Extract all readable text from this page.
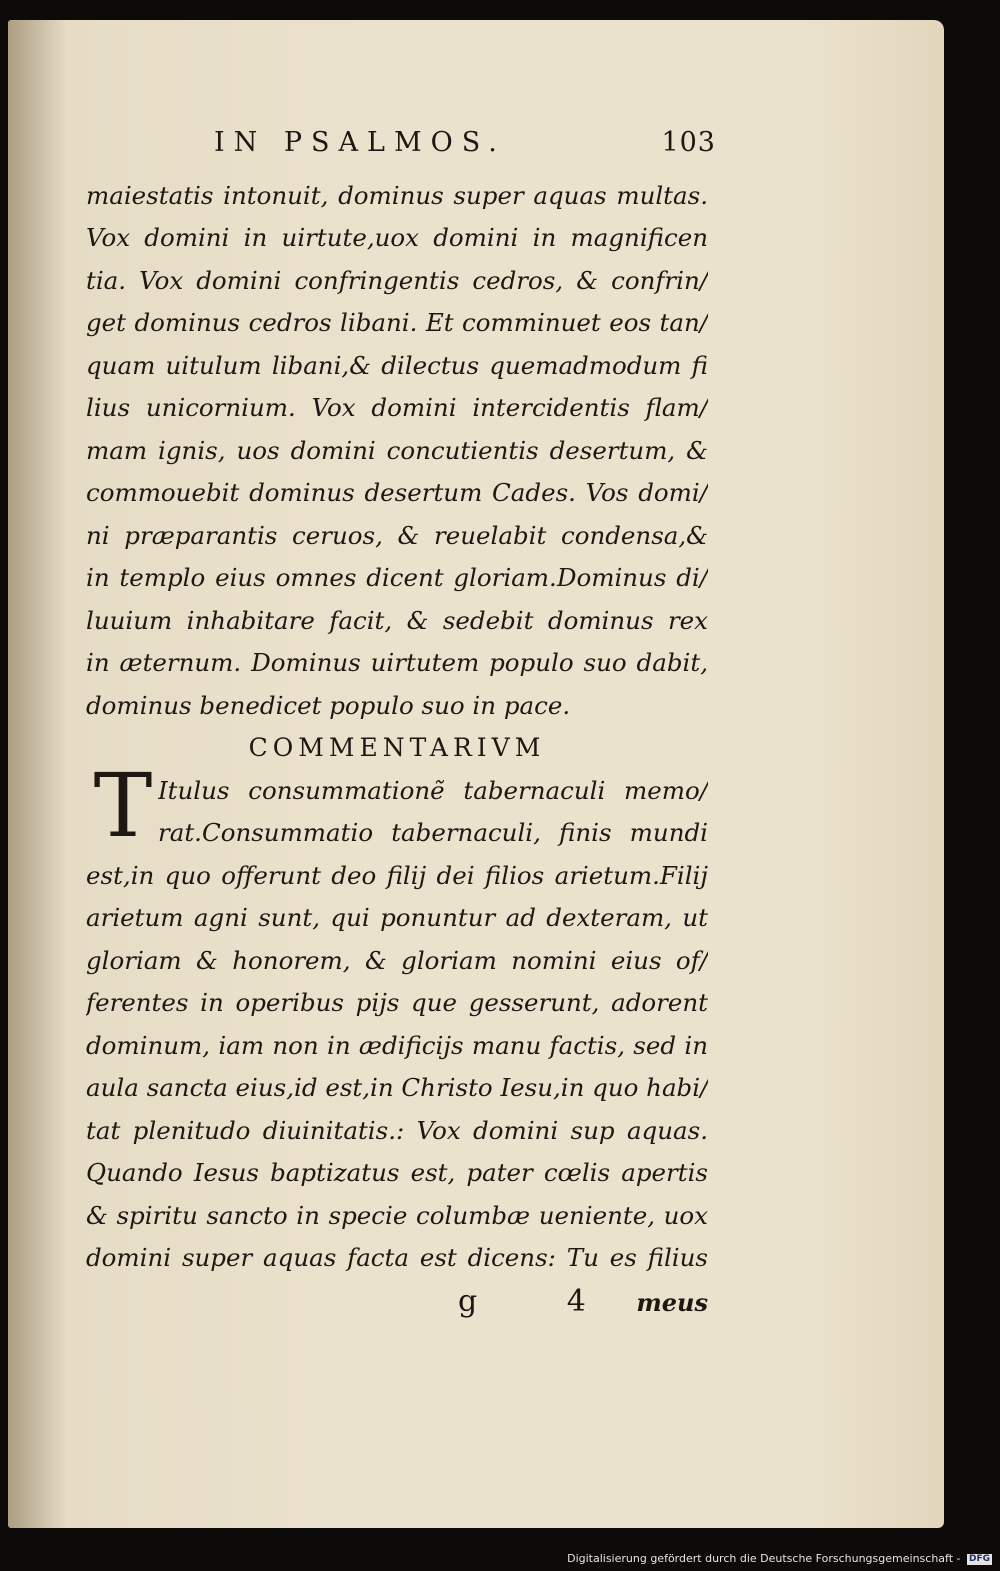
IN PSALMOS.	103
maiestatis intonuit, dominus super aquas multas.
Vox domini in uirtute,uox domini in magnificen
tia. Vox domini confringentis cedros, & confrin/
get dominus cedros libani. Et comminuet eos tan/
quam uitulum libani,& dilectus quemadmodum fi
lius unicornium. Vox domini intercidentis flam/
mam ignis, uos domini concutientis desertum, &
commouebit dominus desertum Cades. Vos domi/
ni præparantis ceruos, & reuelabit condensa,&
in templo eius omnes dicent gloriam.Dominus di/
luuium inhabitare facit, & sedebit dominus rex
in æternum. Dominus uirtutem populo suo dabit,
dominus benedicet populo suo in pace.
COMMENTARIVM
T Itulus consummationẽ tabernaculi memo/
rat.Consummatio tabernaculi, finis mundi
est,in quo offerunt deo filij dei filios arietum.Filij
arietum agni sunt, qui ponuntur ad dexteram, ut
gloriam & honorem, & gloriam nomini eius of/
ferentes in operibus pijs que gesserunt, adorent
dominum, iam non in ædificijs manu factis, sed in
aula sancta eius,id est,in Christo Iesu,in quo habi/
tat plenitudo diuinitatis.: Vox domini sup aquas.
Quando Iesus baptizatus est, pater cœlis apertis
& spiritu sancto in specie columbæ ueniente, uox
domini super aquas facta est dicens: Tu es filius
g 4 meus
Digitalisierung gefördert durch die Deutsche Forschungsgemeinschaft - DFG
